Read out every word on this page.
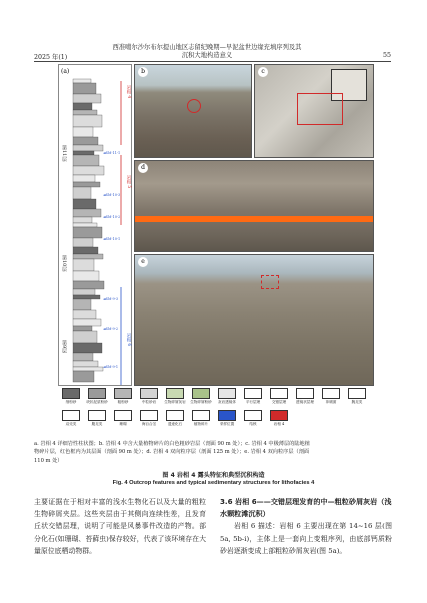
西准噶尔沙尔布尔提山地区志留纪晚期—早泥盆世边缘充填序列及其
沉积大地构造意义
2025 年(1)	55
(a)
第11层
第10层
第9层
岩相 4
岩相 5
岩相 6
◄SM-11-1
◄SM-10-3
◄SM-10-2
◄SM-10-1
◄SM-9-3
◄SM-9-2
◄SM-9-1
b	c
d
e
细粉砂	块状泥质粉砂	粗粉砂	中粒砂岩	生物碎屑灰岩	生物碎屑粉砂	灰岩透镜体	平行层理	交错层理	透镜状层理	冲刷面	腕足类
双壳类	腹足类	珊瑚	海百合茎	遗迹化石	植物碎片	采样位置	结核	岩相 4
a. 岩相 4 详细岩性柱状图；b. 岩相 4 中含大量植物碎片的白色粗砂岩层（剖面 90 m 处）；c. 岩相 4 中极薄层的陆地植
物碎片层，红色框内为其层面（剖面 90 m 处）；d. 岩相 4 双向粒序层（剖面 125 m 处）；e. 岩相 4 双向粒序层（剖面
110 m 处）
图 4 岩相 4 露头特征和典型沉积构造
Fig. 4 Outcrop features and typical sedimentary structures for lithofacies 4
主要证据在于相对丰富的浅水生物化石以及大量的粗粒生物碎屑夹层。这些夹层由于其侧向连续性差，且发育丘状交错层理，说明了可能是风暴事件改造的产物。部分化石(如珊瑚、苔藓虫)保存较好，代表了该环境存在大量原位底栖动物群。
3.6 岩相 6——交错层理发育的中—粗粒砂屑灰岩（浅水颗粒滩沉积）
岩相 6 描述：岩相 6 主要出现在第 14~16 层(图 5a, 5b-i)，主体上是一套向上变粗序列，由底部钙质粉砂岩逐渐变成上部粗粒砂屑灰岩(图 5a)。
